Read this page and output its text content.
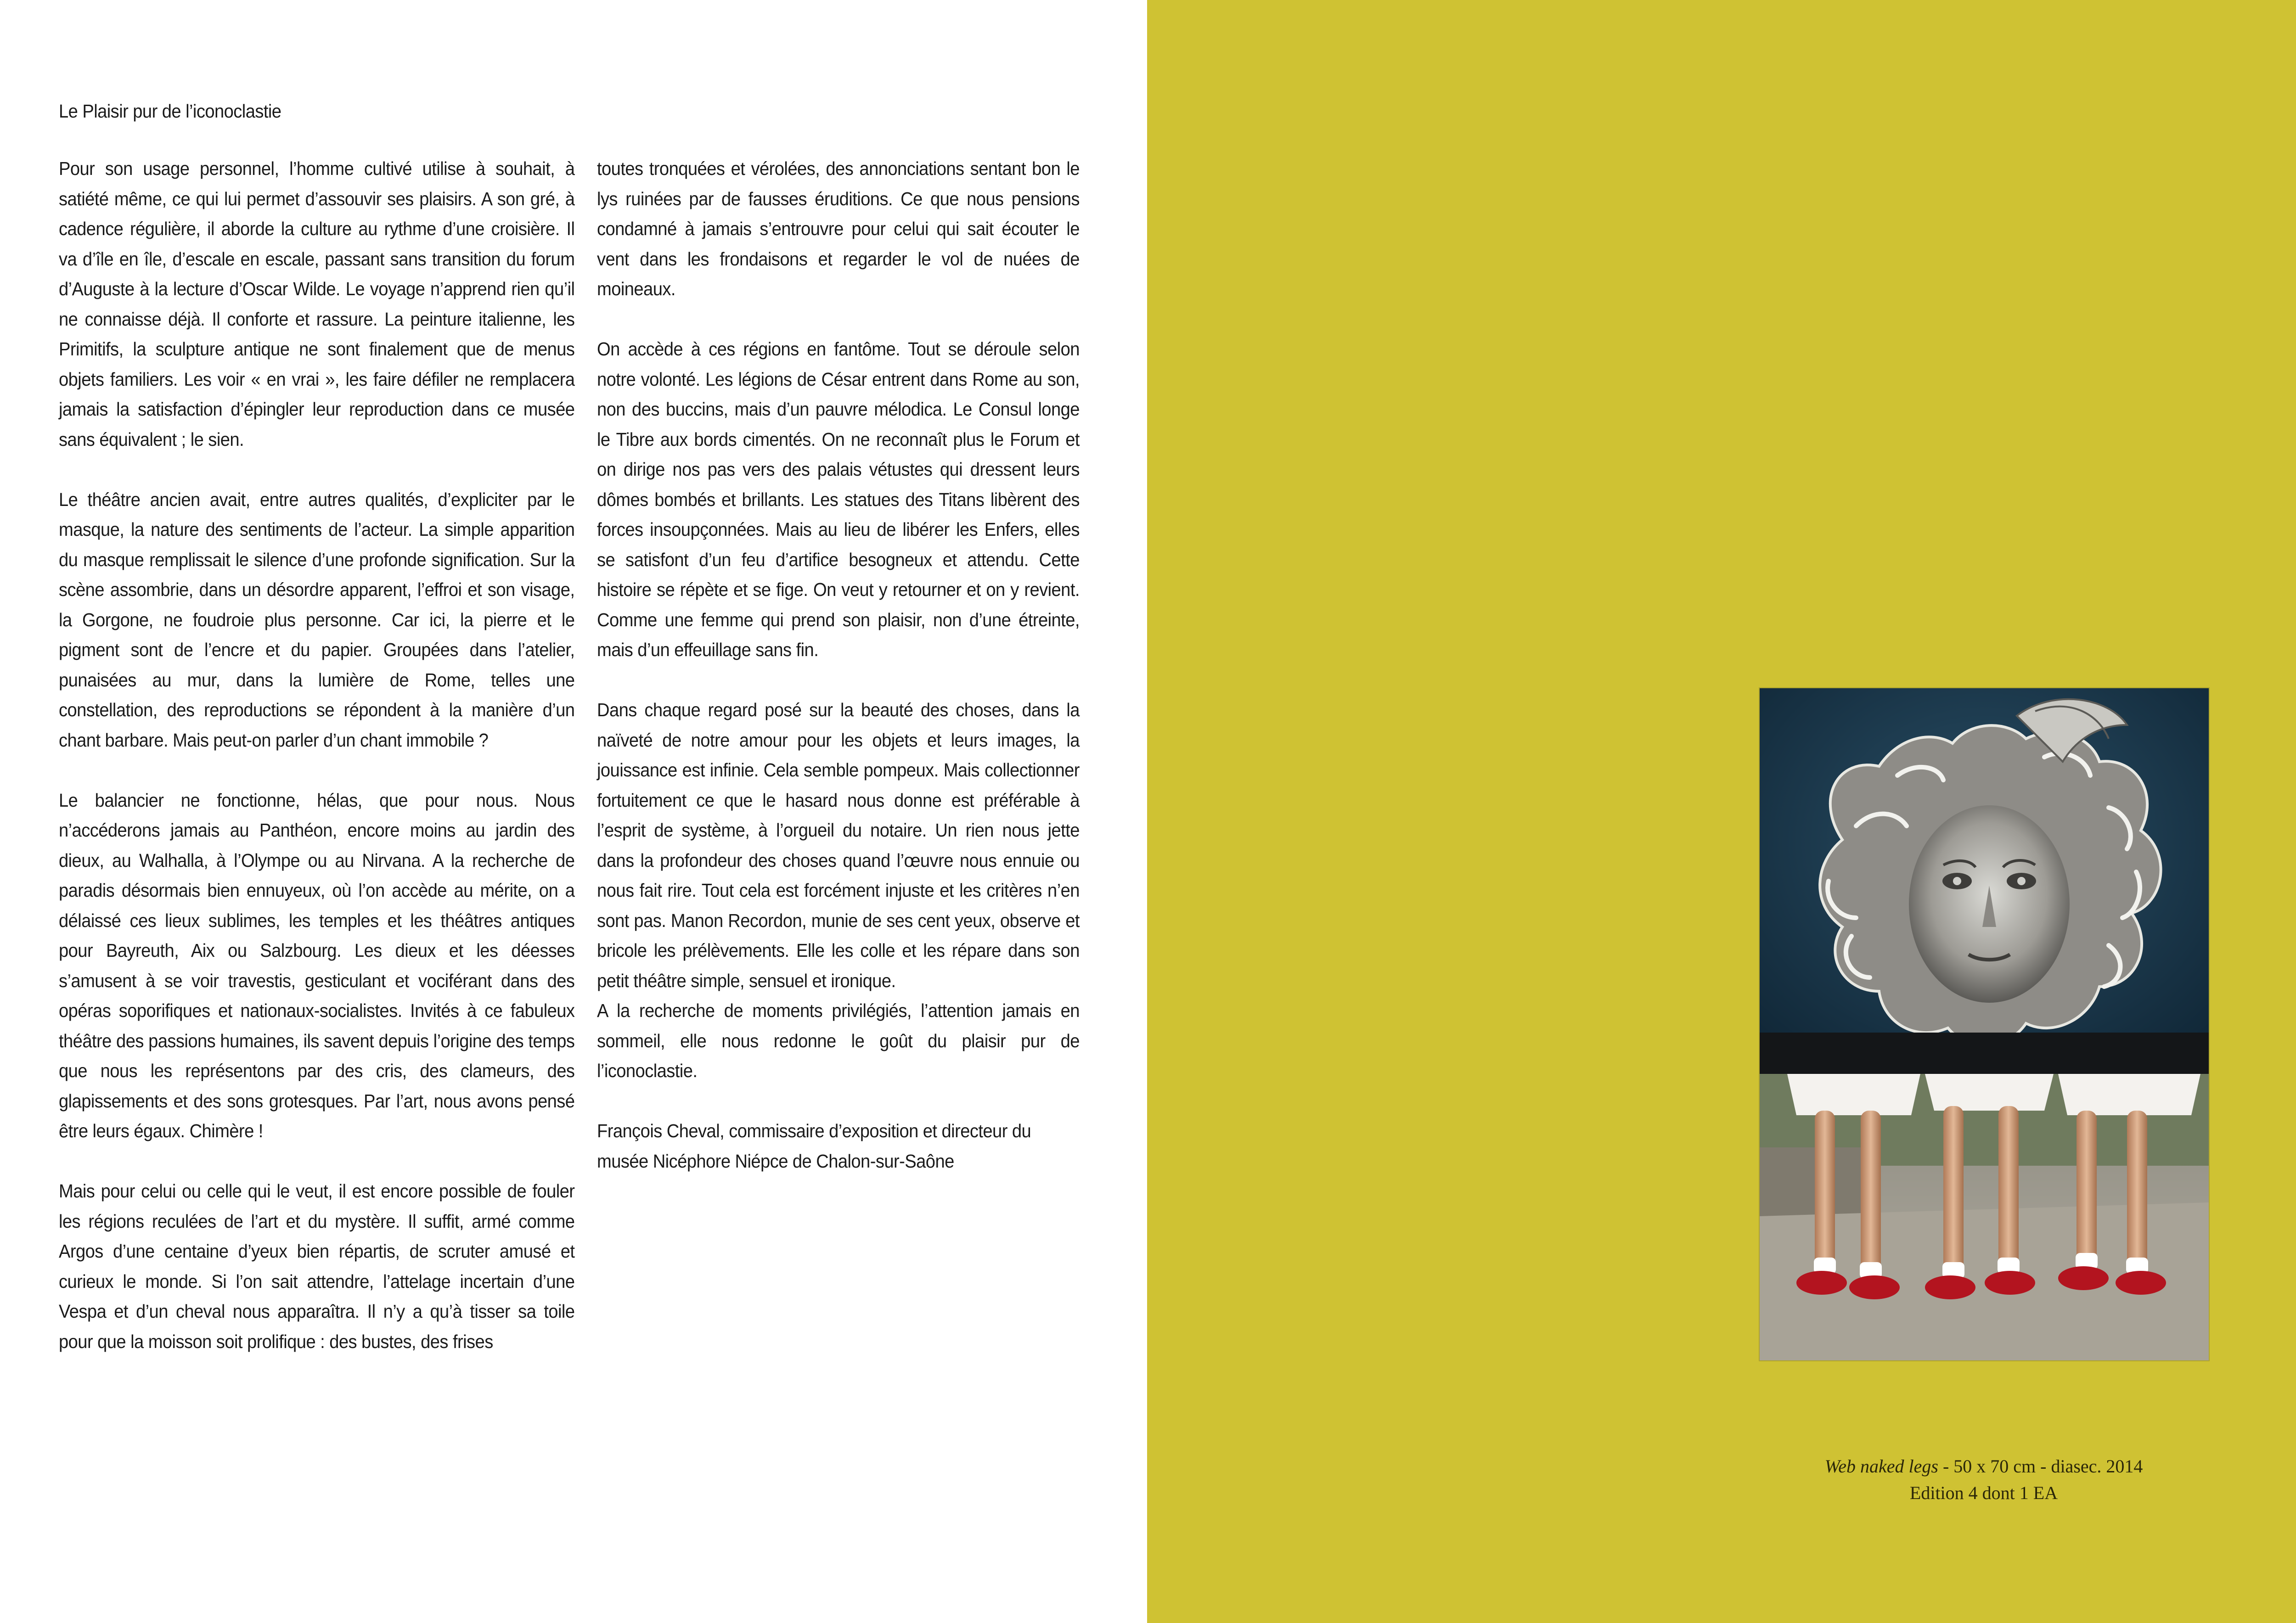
Le Plaisir pur de l’iconoclastie

Pour son usage personnel, l’homme cultivé utilise à souhait, à satiété même, ce qui lui permet d’assouvir ses plaisirs. A son gré, à cadence régulière, il aborde la culture au rythme d’une croisière. Il va d’île en île, d’escale en escale, passant sans transition du forum d’Auguste à la lecture d’Oscar Wilde. Le voyage n’apprend rien qu’il ne connaisse déjà. Il conforte et rassure. La peinture italienne, les Primitifs, la sculpture antique ne sont finalement que de menus objets familiers. Les voir « en vrai », les faire défiler ne remplacera jamais la satisfaction d’épingler leur reproduction dans ce musée sans équivalent ; le sien.

Le théâtre ancien avait, entre autres qualités, d’expliciter par le masque, la nature des sentiments de l’acteur. La simple apparition du masque remplissait le silence d’une profonde signification. Sur la scène assombrie, dans un désordre apparent, l’effroi et son visage, la Gorgone, ne foudroie plus personne. Car ici, la pierre et le pigment sont de l’encre et du papier. Groupées dans l’atelier, punaisées au mur, dans la lumière de Rome, telles une constellation, des reproductions se répondent à la manière d’un chant barbare. Mais peut-on parler d’un chant immobile ?

Le balancier ne fonctionne, hélas, que pour nous. Nous n’accéderons jamais au Panthéon, encore moins au jardin des dieux, au Walhalla, à l’Olympe ou au Nirvana. A la recherche de paradis désormais bien ennuyeux, où l’on accède au mérite, on a délaissé ces lieux sublimes, les temples et les théâtres antiques pour Bayreuth, Aix ou Salzbourg. Les dieux et les déesses s’amusent à se voir travestis, gesticulant et vociférant dans des opéras soporifiques et nationaux-socialistes. Invités à ce fabuleux théâtre des passions humaines, ils savent depuis l’origine des temps que nous les représentons par des cris, des clameurs, des glapissements et des sons grotesques. Par l’art, nous avons pensé être leurs égaux. Chimère !

Mais pour celui ou celle qui le veut, il est encore possible de fouler les régions reculées de l’art et du mystère. Il suffit, armé comme Argos d’une centaine d’yeux bien répartis, de scruter amusé et curieux le monde. Si l’on sait attendre, l’attelage incertain d’une Vespa et d’un cheval nous apparaîtra. Il n’y a qu’à tisser sa toile pour que la moisson soit prolifique : des bustes, des frises

toutes tronquées et vérolées, des annonciations sentant bon le lys ruinées par de fausses éruditions. Ce que nous pensions condamné à jamais s’entrouvre pour celui qui sait écouter le vent dans les frondaisons et regarder le vol de nuées de moineaux.

On accède à ces régions en fantôme. Tout se déroule selon notre volonté. Les légions de César entrent dans Rome au son, non des buccins, mais d’un pauvre mélodica. Le Consul longe le Tibre aux bords cimentés. On ne reconnaît plus le Forum et on dirige nos pas vers des palais vétustes qui dressent leurs dômes bombés et brillants. Les statues des Titans libèrent des forces insoupçonnées. Mais au lieu de libérer les Enfers, elles se satisfont d’un feu d’artifice besogneux et attendu. Cette histoire se répète et se fige. On veut y retourner et on y revient. Comme une femme qui prend son plaisir, non d’une étreinte, mais d’un effeuillage sans fin.

Dans chaque regard posé sur la beauté des choses, dans la naïveté de notre amour pour les objets et leurs images, la jouissance est infinie. Cela semble pompeux. Mais collectionner fortuitement ce que le hasard nous donne est préférable à l’esprit de système, à l’orgueil du notaire. Un rien nous jette dans la profondeur des choses quand l’œuvre nous ennuie ou nous fait rire. Tout cela est forcément injuste et les critères n’en sont pas. Manon Recordon, munie de ses cent yeux, observe et bricole les prélèvements. Elle les colle et les répare dans son petit théâtre simple, sensuel et ironique.

A la recherche de moments privilégiés, l’attention jamais en sommeil, elle nous redonne le goût du plaisir pur de l’iconoclastie.

François Cheval, commissaire d’exposition et directeur du musée Nicéphore Niépce de Chalon-sur-Saône

Web naked legs - 50 x 70 cm - diasec. 2014
Edition 4 dont 1 EA
